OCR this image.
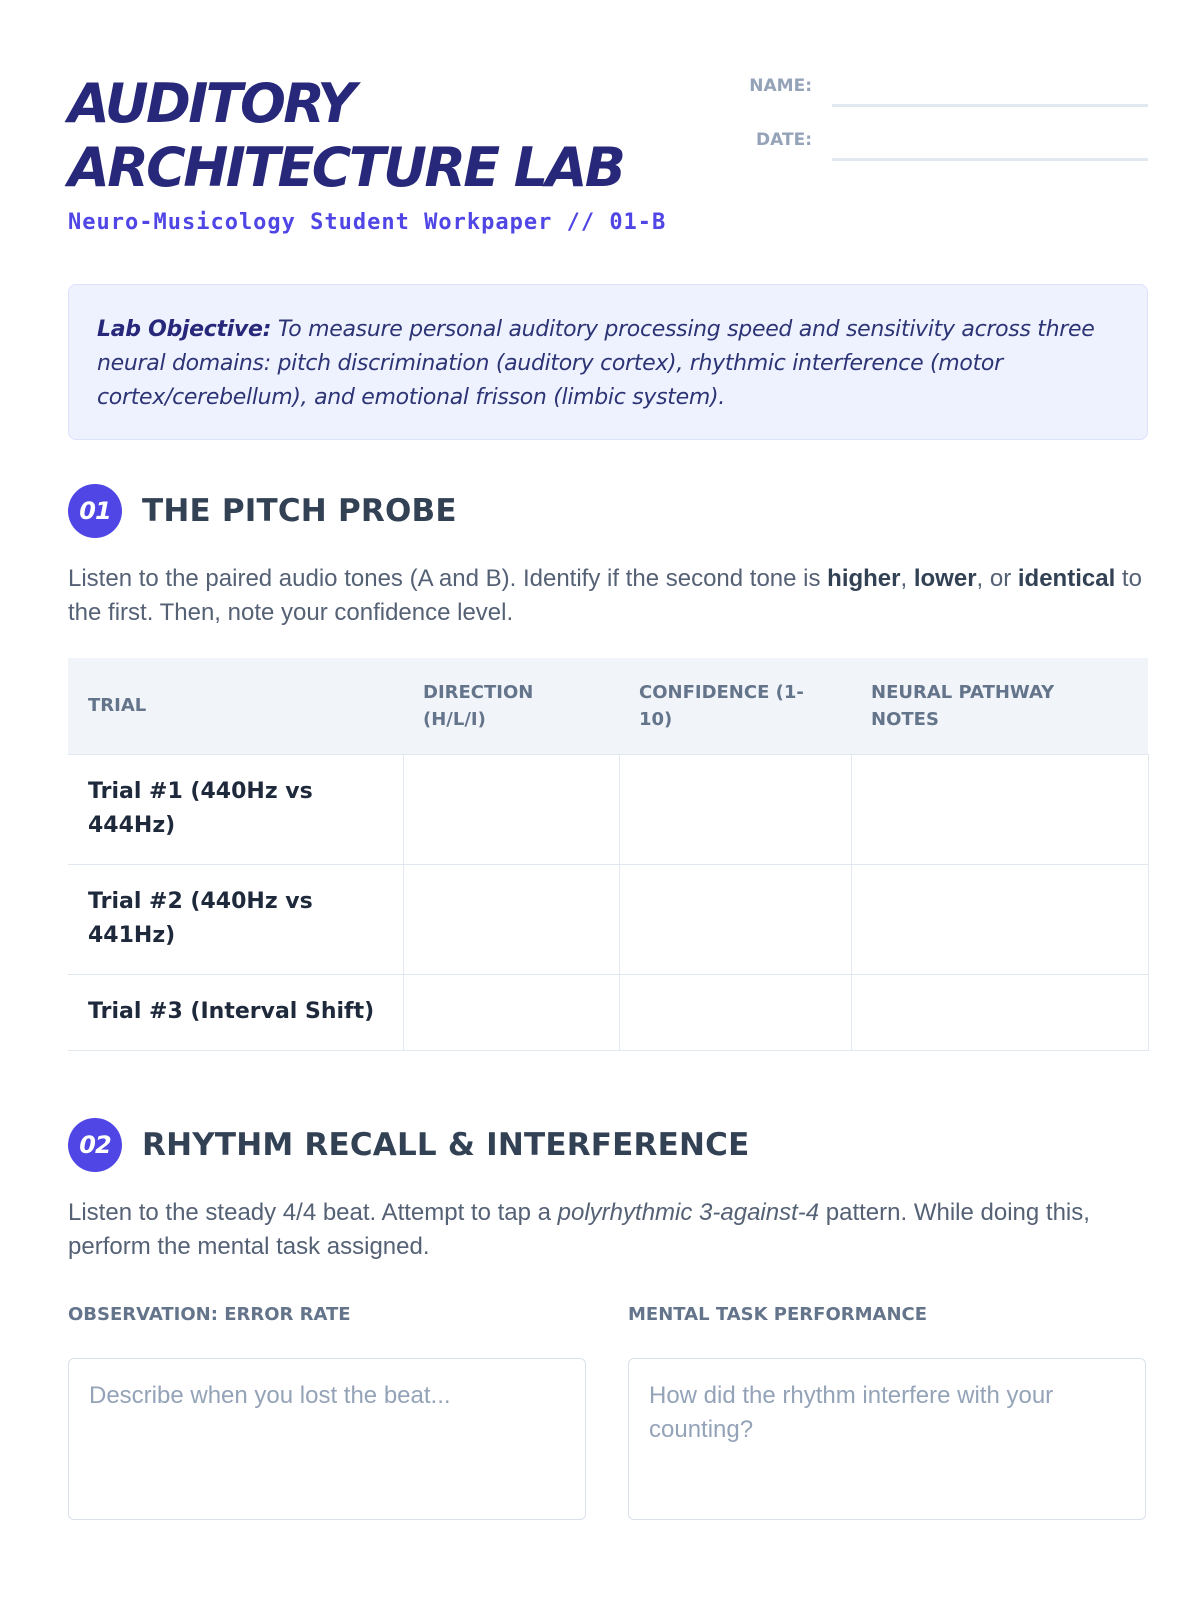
AUDITORY ARCHITECTURE LAB
Neuro-Musicology Student Workpaper // 01-B
NAME:
DATE:
Lab Objective: To measure personal auditory processing speed and sensitivity across three neural domains: pitch discrimination (auditory cortex), rhythmic interference (motor cortex/cerebellum), and emotional frisson (limbic system).
01	THE PITCH PROBE

Listen to the paired audio tones (A and B). Identify if the second tone is higher, lower, or identical to the first. Then, note your confidence level.

TRIAL	DIRECTION (H/L/I)	CONFIDENCE (1-10)	NEURAL PATHWAY NOTES
Trial #1 (440Hz vs 444Hz)			
Trial #2 (440Hz vs 441Hz)			
Trial #3 (Interval Shift)			
02	RHYTHM RECALL & INTERFERENCE

Listen to the steady 4/4 beat. Attempt to tap a polyrhythmic 3-against-4 pattern. While doing this, perform the mental task assigned.

OBSERVATION: ERROR RATE	MENTAL TASK PERFORMANCE
Describe when you lost the beat...
How did the rhythm interfere with your counting?
